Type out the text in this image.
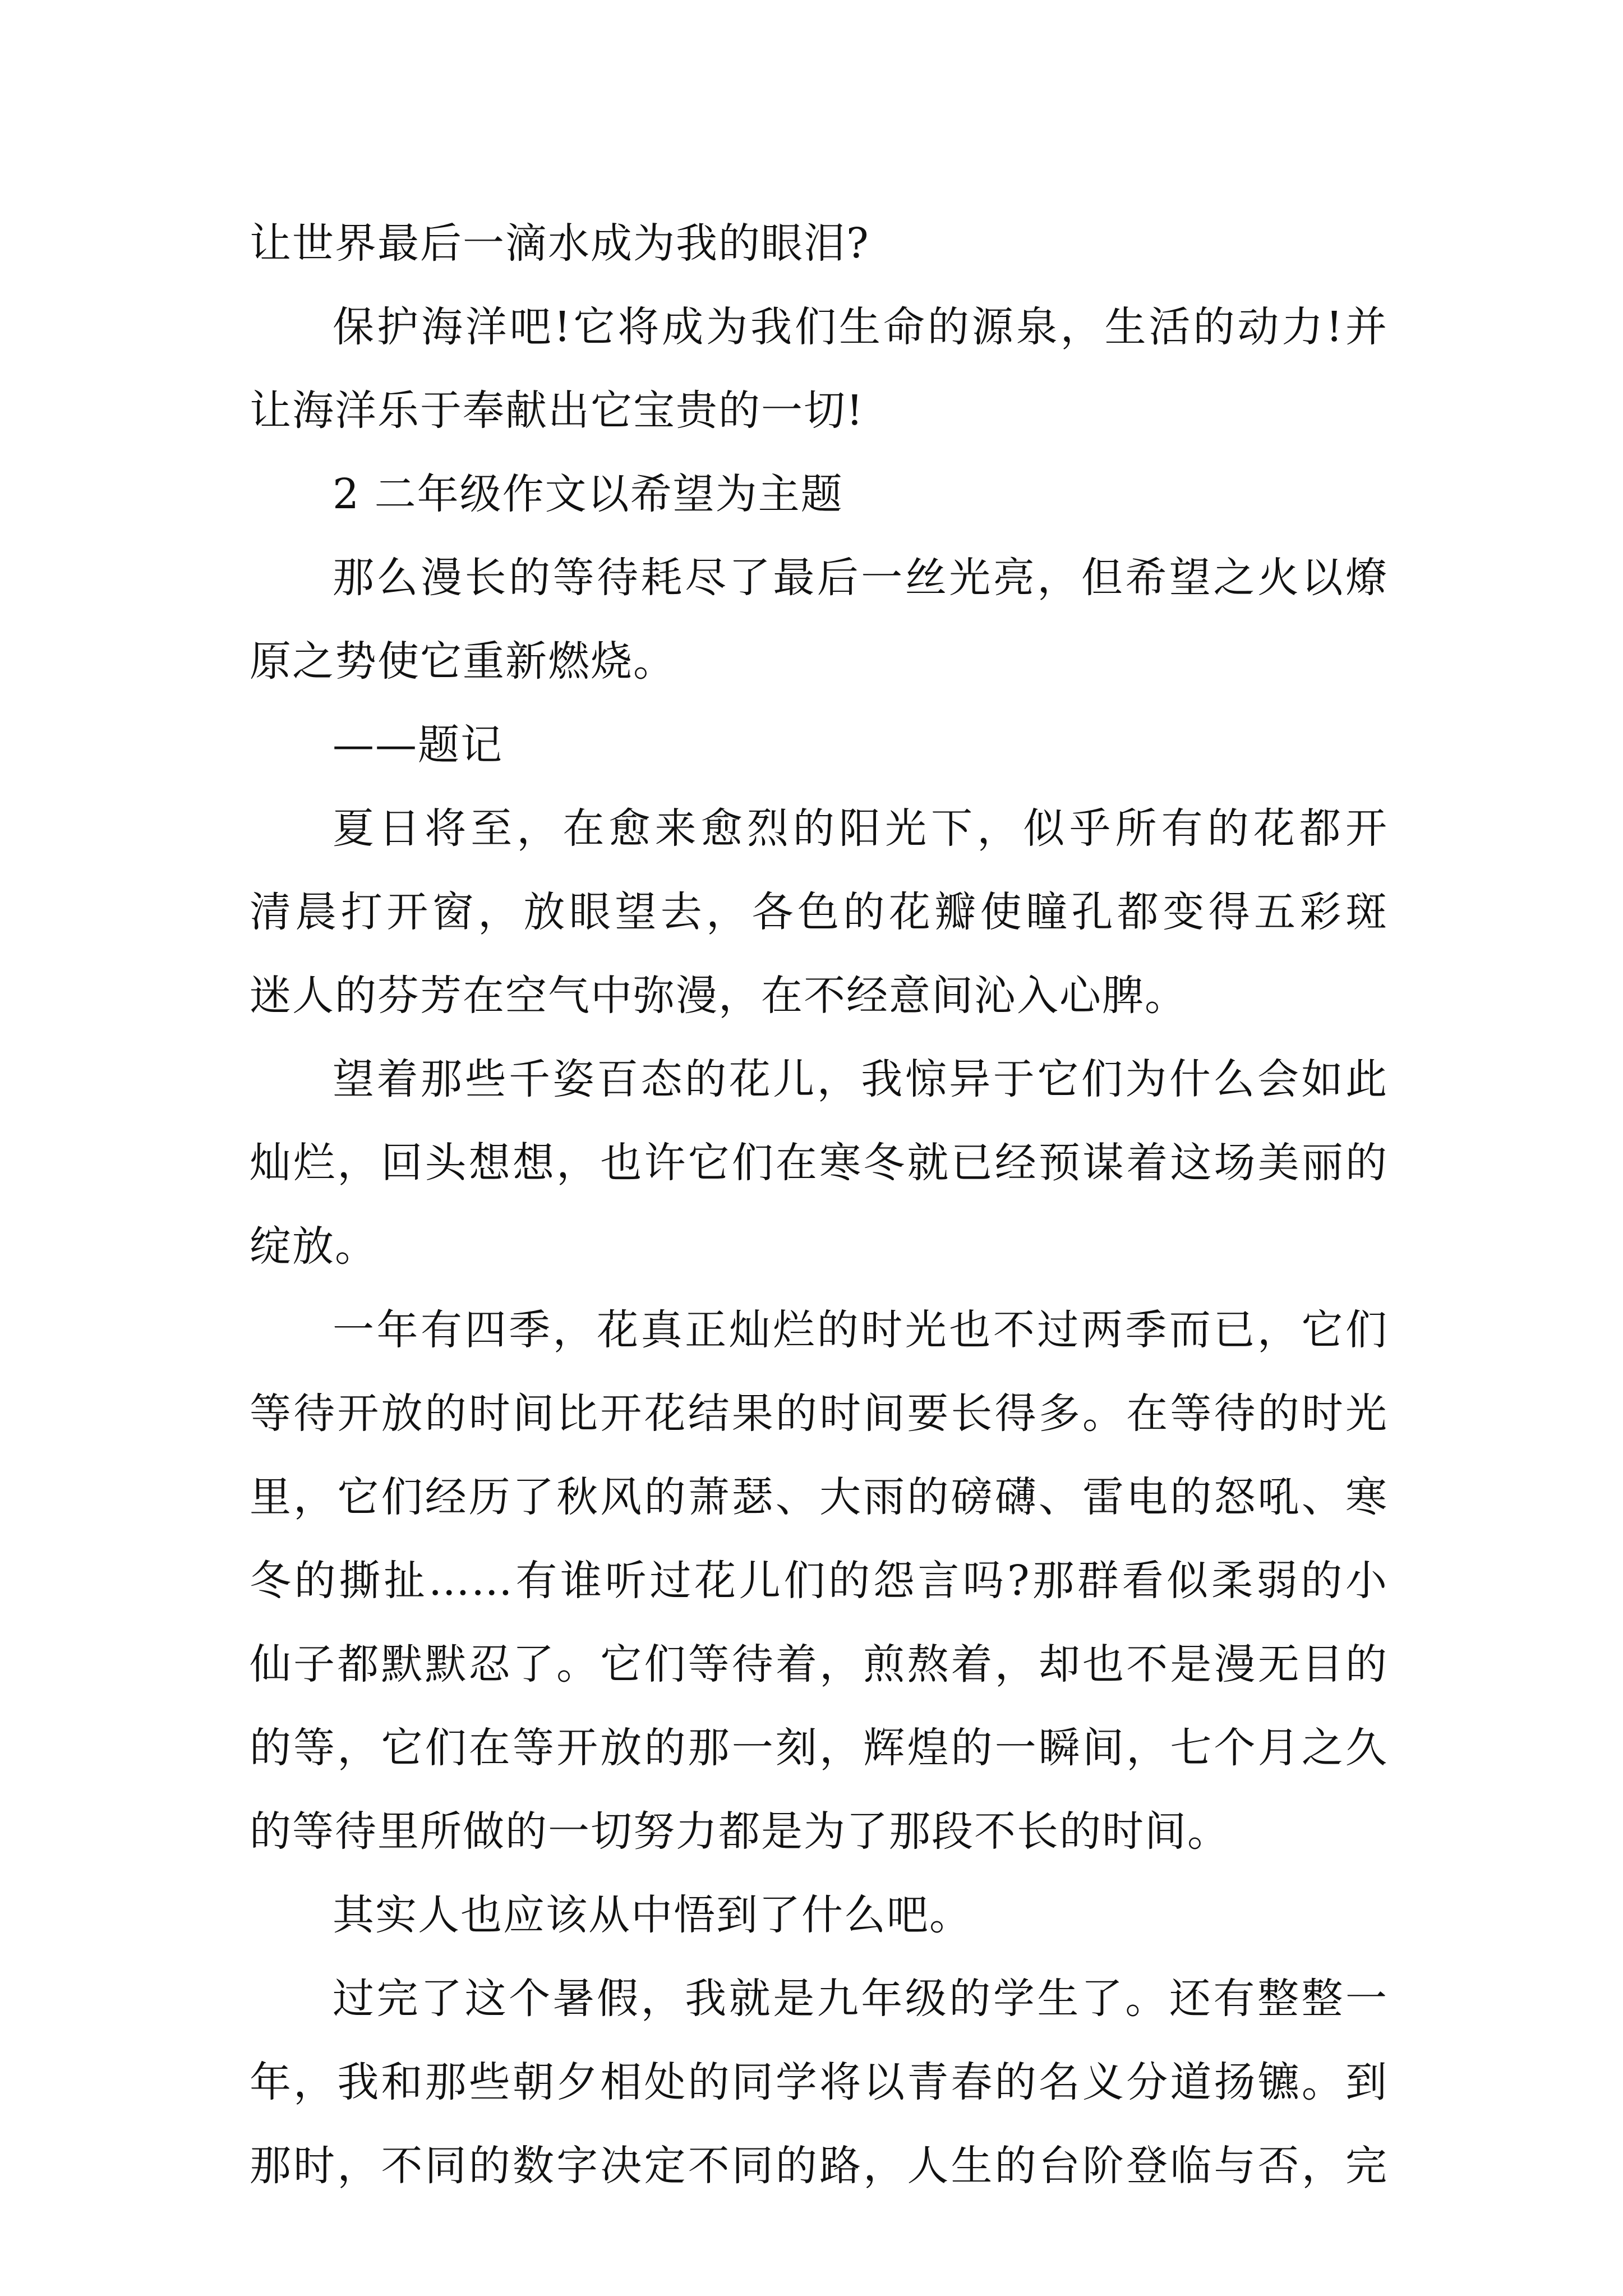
让世界最后一滴水成为我的眼泪?
保护海洋吧!它将成为我们生命的源泉，生活的动力!并
让海洋乐于奉献出它宝贵的一切!
2 二年级作文以希望为主题
那么漫长的等待耗尽了最后一丝光亮，但希望之火以燎
原之势使它重新燃烧。
——题记
夏日将至，在愈来愈烈的阳光下，似乎所有的花都开
清晨打开窗，放眼望去，各色的花瓣使瞳孔都变得五彩斑
迷人的芬芳在空气中弥漫，在不经意间沁入心脾。
望着那些千姿百态的花儿，我惊异于它们为什么会如此
灿烂，回头想想，也许它们在寒冬就已经预谋着这场美丽的
绽放。
一年有四季，花真正灿烂的时光也不过两季而已，它们
等待开放的时间比开花结果的时间要长得多。在等待的时光
里，它们经历了秋风的萧瑟、大雨的磅礴、雷电的怒吼、寒
冬的撕扯……有谁听过花儿们的怨言吗?那群看似柔弱的小
仙子都默默忍了。它们等待着，煎熬着，却也不是漫无目的
的等，它们在等开放的那一刻，辉煌的一瞬间，七个月之久
的等待里所做的一切努力都是为了那段不长的时间。
其实人也应该从中悟到了什么吧。
过完了这个暑假，我就是九年级的学生了。还有整整一
年，我和那些朝夕相处的同学将以青春的名义分道扬镳。到
那时，不同的数字决定不同的路，人生的台阶登临与否，完
